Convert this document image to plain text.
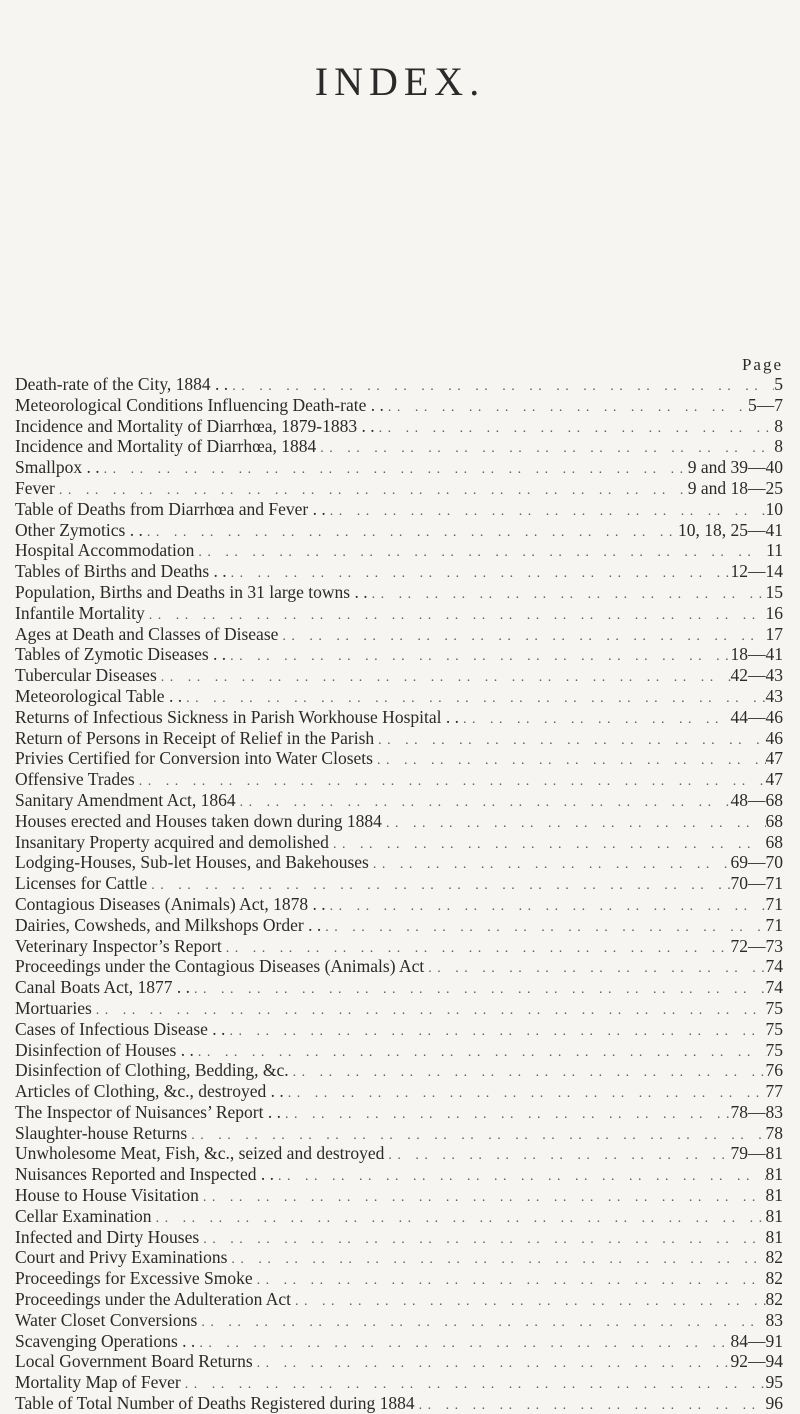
INDEX.
Page
Death-rate of the City, 1884 . . . .	5
Meteorological Conditions Influencing Death-rate . . . .	5—7
Incidence and Mortality of Diarrhœa, 1879-1883 . . . .	8
Incidence and Mortality of Diarrhœa, 1884 . .	8
Smallpox . . . .	9 and 39—40
Fever . .	9 and 18—25
Table of Deaths from Diarrhœa and Fever . . . .	10
Other Zymotics . . . .	10, 18, 25—41
Hospital Accommodation . .	11
Tables of Births and Deaths . . . .	12—14
Population, Births and Deaths in 31 large towns . . . .	15
Infantile Mortality . .	16
Ages at Death and Classes of Disease . .	17
Tables of Zymotic Diseases . . . .	18—41
Tubercular Diseases . .	42—43
Meteorological Table . . . .	43
Returns of Infectious Sickness in Parish Workhouse Hospital . . . .	44—46
Return of Persons in Receipt of Relief in the Parish . .	46
Privies Certified for Conversion into Water Closets . .	47
Offensive Trades . .	47
Sanitary Amendment Act, 1864 . .	48—68
Houses erected and Houses taken down during 1884 . .	68
Insanitary Property acquired and demolished . .	68
Lodging-Houses, Sub-let Houses, and Bakehouses . .	69—70
Licenses for Cattle . .	70—71
Contagious Diseases (Animals) Act, 1878 . . . .	71
Dairies, Cowsheds, and Milkshops Order . . . .	71
Veterinary Inspector’s Report . .	72—73
Proceedings under the Contagious Diseases (Animals) Act . .	74
Canal Boats Act, 1877 . . . .	74
Mortuaries . .	75
Cases of Infectious Disease . . . .	75
Disinfection of Houses . . . .	75
Disinfection of Clothing, Bedding, &c. . .	76
Articles of Clothing, &c., destroyed . . . .	77
The Inspector of Nuisances’ Report . . . .	78—83
Slaughter-house Returns . .	78
Unwholesome Meat, Fish, &c., seized and destroyed . .	79—81
Nuisances Reported and Inspected . . . .	81
House to House Visitation . .	81
Cellar Examination . .	81
Infected and Dirty Houses . .	81
Court and Privy Examinations . .	82
Proceedings for Excessive Smoke . .	82
Proceedings under the Adulteration Act . .	82
Water Closet Conversions . .	83
Scavenging Operations . . . .	84—91
Local Government Board Returns . .	92—94
Mortality Map of Fever . .	95
Table of Total Number of Deaths Registered during 1884 . .	96
